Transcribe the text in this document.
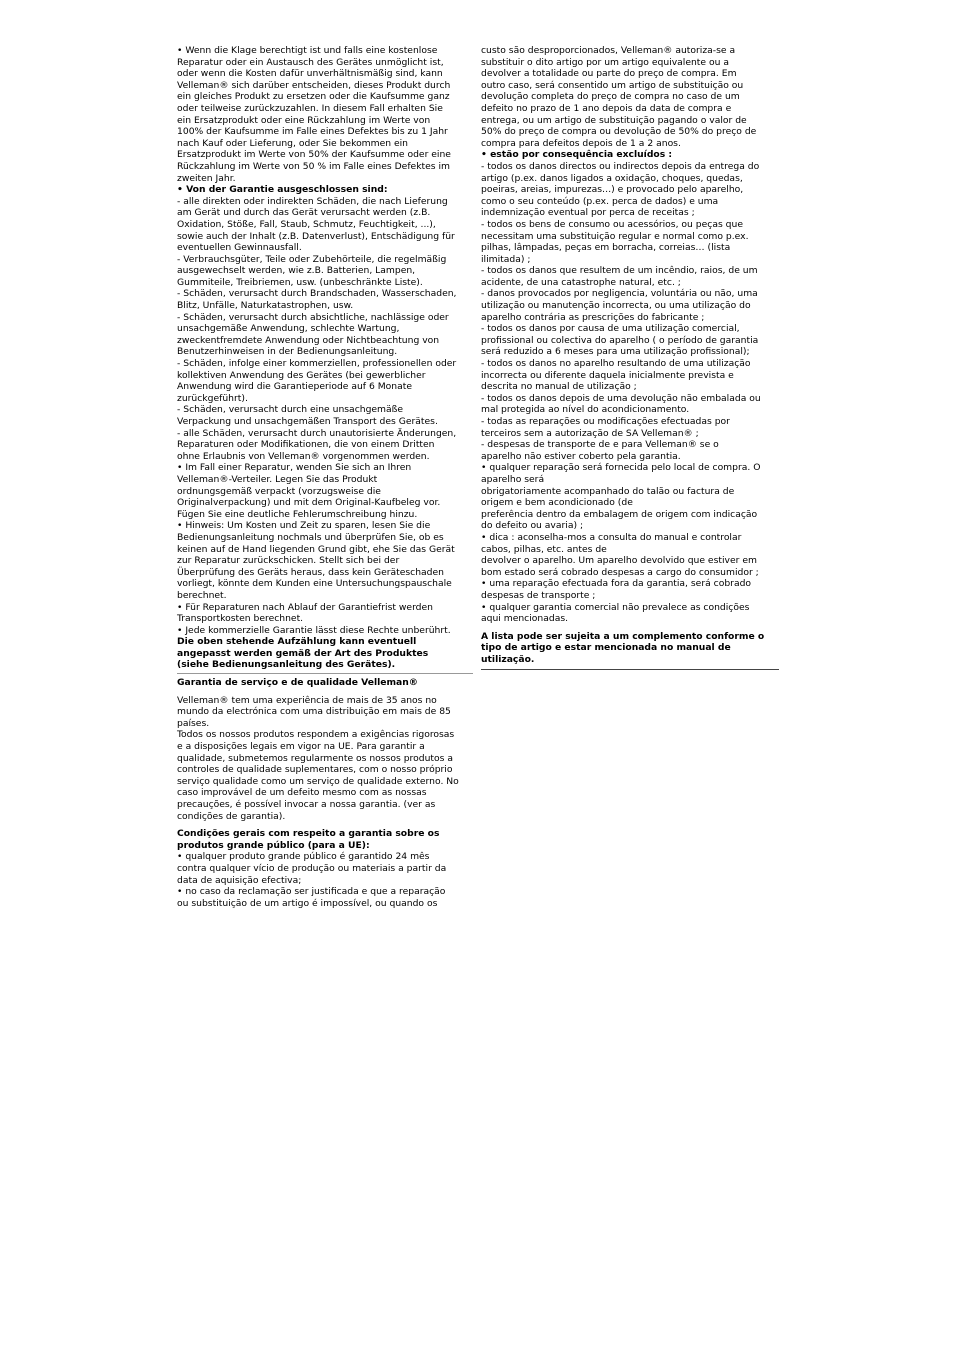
• Wenn die Klage berechtigt ist und falls eine kostenlose
Reparatur oder ein Austausch des Gerätes unmöglicht ist,
oder wenn die Kosten dafür unverhältnismäßig sind, kann
Velleman® sich darüber entscheiden, dieses Produkt durch
ein gleiches Produkt zu ersetzen oder die Kaufsumme ganz
oder teilweise zurückzuzahlen. In diesem Fall erhalten Sie
ein Ersatzprodukt oder eine Rückzahlung im Werte von
100% der Kaufsumme im Falle eines Defektes bis zu 1 Jahr
nach Kauf oder Lieferung, oder Sie bekommen ein
Ersatzprodukt im Werte von 50% der Kaufsumme oder eine
Rückzahlung im Werte von 50 % im Falle eines Defektes im
zweiten Jahr.

• Von der Garantie ausgeschlossen sind:

- alle direkten oder indirekten Schäden, die nach Lieferung
am Gerät und durch das Gerät verursacht werden (z.B.
Oxidation, Stöße, Fall, Staub, Schmutz, Feuchtigkeit, ...),
sowie auch der Inhalt (z.B. Datenverlust), Entschädigung für
eventuellen Gewinnausfall.
- Verbrauchsgüter, Teile oder Zubehörteile, die regelmäßig
ausgewechselt werden, wie z.B. Batterien, Lampen,
Gummiteile, Treibriemen, usw. (unbeschränkte Liste).
- Schäden, verursacht durch Brandschaden, Wasserschaden,
Blitz, Unfälle, Naturkatastrophen, usw.
- Schäden, verursacht durch absichtliche, nachlässige oder
unsachgemäße Anwendung, schlechte Wartung,
zweckentfremdete Anwendung oder Nichtbeachtung von
Benutzerhinweisen in der Bedienungsanleitung.
- Schäden, infolge einer kommerziellen, professionellen oder
kollektiven Anwendung des Gerätes (bei gewerblicher
Anwendung wird die Garantieperiode auf 6 Monate
zurückgeführt).
- Schäden, verursacht durch eine unsachgemäße
Verpackung und unsachgemäßen Transport des Gerätes.
- alle Schäden, verursacht durch unautorisierte Änderungen,
Reparaturen oder Modifikationen, die von einem Dritten
ohne Erlaubnis von Velleman® vorgenommen werden.
• Im Fall einer Reparatur, wenden Sie sich an Ihren
Velleman®-Verteiler. Legen Sie das Produkt
ordnungsgemäß verpackt (vorzugsweise die
Originalverpackung) und mit dem Original-Kaufbeleg vor.
Fügen Sie eine deutliche Fehlerumschreibung hinzu.
• Hinweis: Um Kosten und Zeit zu sparen, lesen Sie die
Bedienungsanleitung nochmals und überprüfen Sie, ob es
keinen auf de Hand liegenden Grund gibt, ehe Sie das Gerät
zur Reparatur zurückschicken. Stellt sich bei der
Überprüfung des Geräts heraus, dass kein Geräteschaden
vorliegt, könnte dem Kunden eine Untersuchungspauschale
berechnet.
• Für Reparaturen nach Ablauf der Garantiefrist werden
Transportkosten berechnet.
• Jede kommerzielle Garantie lässt diese Rechte unberührt.

Die oben stehende Aufzählung kann eventuell
angepasst werden gemäß der Art des Produktes
(siehe Bedienungsanleitung des Gerätes).

Garantia de serviço e de qualidade Velleman®

Velleman® tem uma experiência de mais de 35 anos no
mundo da electrónica com uma distribuição em mais de 85
países.
Todos os nossos produtos respondem a exigências rigorosas
e a disposições legais em vigor na UE. Para garantir a
qualidade, submetemos regularmente os nossos produtos a
controles de qualidade suplementares, com o nosso próprio
serviço qualidade como um serviço de qualidade externo. No
caso improvável de um defeito mesmo com as nossas
precauções, é possível invocar a nossa garantia. (ver as
condições de garantia).

Condições gerais com respeito a garantia sobre os
produtos grande público (para a UE):

• qualquer produto grande público é garantido 24 mês
contra qualquer vício de produção ou materiais a partir da
data de aquisição efectiva;
• no caso da reclamação ser justificada e que a reparação
ou substituição de um artigo é impossível, ou quando os

custo são desproporcionados, Velleman® autoriza-se a
substituir o dito artigo por um artigo equivalente ou a
devolver a totalidade ou parte do preço de compra. Em
outro caso, será consentido um artigo de substituição ou
devolução completa do preço de compra no caso de um
defeito no prazo de 1 ano depois da data de compra e
entrega, ou um artigo de substituição pagando o valor de
50% do preço de compra ou devolução de 50% do preço de
compra para defeitos depois de 1 a 2 anos.

• estão por consequência excluídos :

- todos os danos directos ou indirectos depois da entrega do
artigo (p.ex. danos ligados a oxidação, choques, quedas,
poeiras, areias, impurezas…) e provocado pelo aparelho,
como o seu conteúdo (p.ex. perca de dados) e uma
indemnização eventual por perca de receitas ;
- todos os bens de consumo ou acessórios, ou peças que
necessitam uma substituição regular e normal como p.ex.
pilhas, lâmpadas, peças em borracha, correias… (lista
ilimitada) ;
- todos os danos que resultem de um incêndio, raios, de um
acidente, de una catastrophe natural, etc. ;
- danos provocados por negligencia, voluntária ou não, uma
utilização ou manutenção incorrecta, ou uma utilização do
aparelho contrária as prescrições do fabricante ;
- todos os danos por causa de uma utilização comercial,
profissional ou colectiva do aparelho ( o período de garantia
será reduzido a 6 meses para uma utilização profissional);
- todos os danos no aparelho resultando de uma utilização
incorrecta ou diferente daquela inicialmente prevista e
descrita no manual de utilização ;
- todos os danos depois de uma devolução não embalada ou
mal protegida ao nível do acondicionamento.
- todas as reparações ou modificações efectuadas por
terceiros sem a autorização de SA Velleman® ;
- despesas de transporte de e para Velleman® se o
aparelho não estiver coberto pela garantia.
• qualquer reparação será fornecida pelo local de compra. O
aparelho será
obrigatoriamente acompanhado do talão ou factura de
origem e bem acondicionado (de
preferência dentro da embalagem de origem com indicação
do defeito ou avaria) ;
• dica : aconselha-mos a consulta do manual e controlar
cabos, pilhas, etc. antes de
devolver o aparelho. Um aparelho devolvido que estiver em
bom estado será cobrado despesas a cargo do consumidor ;
• uma reparação efectuada fora da garantia, será cobrado
despesas de transporte ;
• qualquer garantia comercial não prevalece as condições
aqui mencionadas.

A lista pode ser sujeita a um complemento conforme o
tipo de artigo e estar mencionada no manual de
utilização.
